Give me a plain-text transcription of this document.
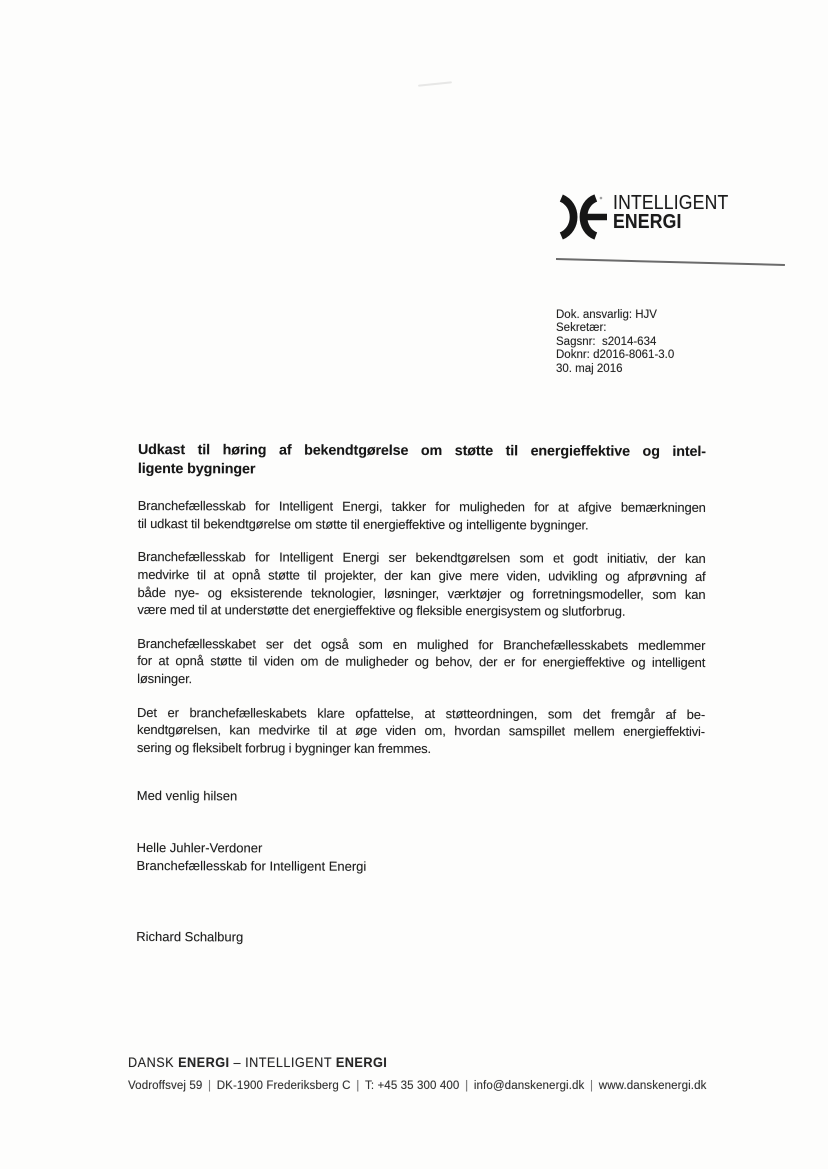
INTELLIGENT
ENERGI
Dok. ansvarlig: HJV
Sekretær:
Sagsnr:  s2014-634
Doknr: d2016-8061-3.0
30. maj 2016
Udkast til høring af bekendtgørelse om støtte til energieffektive og intel-
ligente bygninger
Branchefællesskab for Intelligent Energi, takker for muligheden for at afgive bemærkningen
til udkast til bekendtgørelse om støtte til energieffektive og intelligente bygninger.
Branchefællesskab for Intelligent Energi ser bekendtgørelsen som et godt initiativ, der kan
medvirke til at opnå støtte til projekter, der kan give mere viden, udvikling og afprøvning af
både nye- og eksisterende teknologier, løsninger, værktøjer og forretningsmodeller, som kan
være med til at understøtte det energieffektive og fleksible energisystem og slutforbrug.
Branchefællesskabet ser det også som en mulighed for Branchefællesskabets medlemmer
for at opnå støtte til viden om de muligheder og behov, der er for energieffektive og intelligent
løsninger.
Det er branchefælleskabets klare opfattelse, at støtteordningen, som det fremgår af be-
kendtgørelsen, kan medvirke til at øge viden om, hvordan samspillet mellem energieffektivi-
sering og fleksibelt forbrug i bygninger kan fremmes.
Med venlig hilsen
Helle Juhler-Verdoner
Branchefællesskab for Intelligent Energi
Richard Schalburg
DANSK ENERGI – INTELLIGENT ENERGI
Vodroffsvej 59 | DK-1900 Frederiksberg C | T: +45 35 300 400 | info@danskenergi.dk | www.danskenergi.dk
